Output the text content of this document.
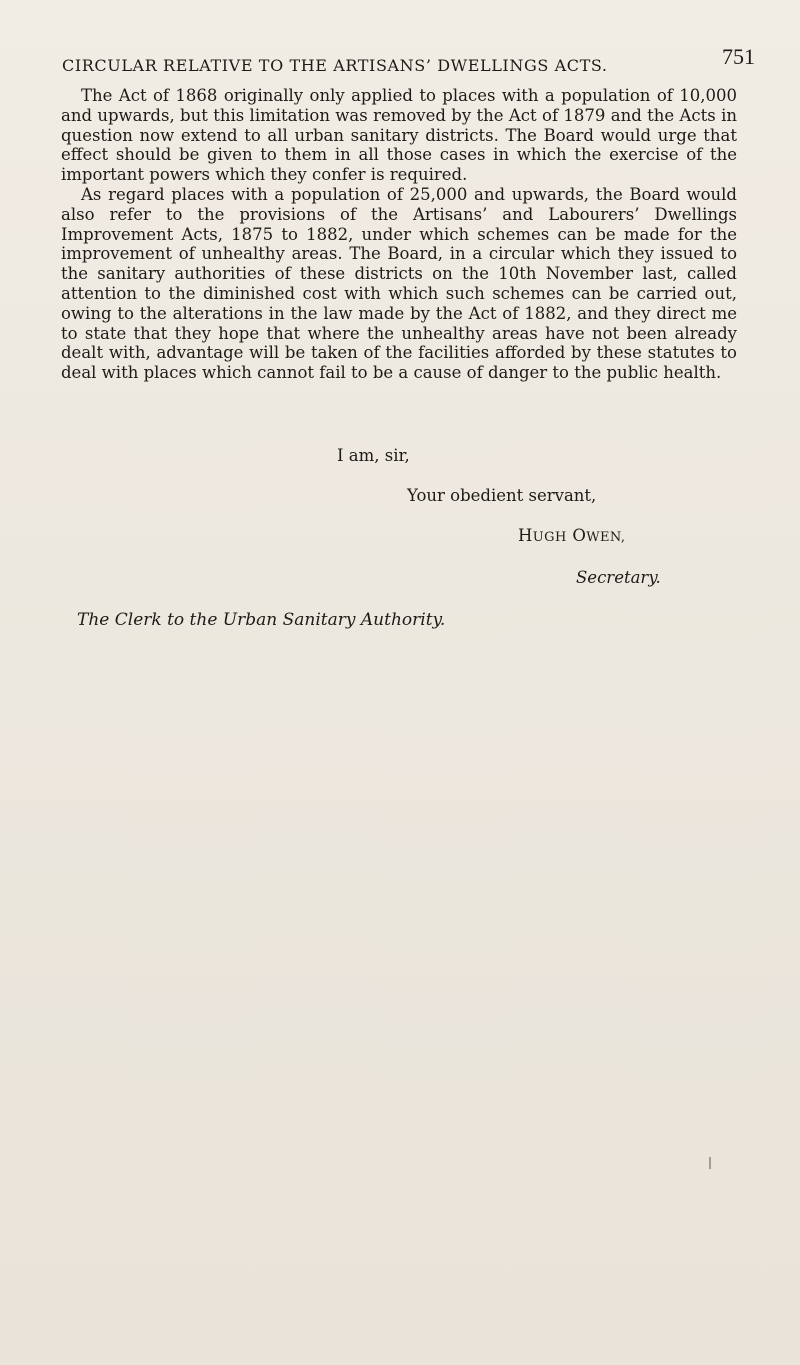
CIRCULAR RELATIVE TO THE ARTISANS’ DWELLINGS ACTS.	751

The Act of 1868 originally only applied to places with a population of 10,000 and upwards, but this limitation was removed by the Act of 1879 and the Acts in question now extend to all urban sanitary districts. The Board would urge that effect should be given to them in all those cases in which the exercise of the important powers which they confer is required.

As regard places with a population of 25,000 and upwards, the Board would also refer to the provisions of the Artisans’ and Labourers’ Dwellings Improvement Acts, 1875 to 1882, under which schemes can be made for the improvement of unhealthy areas. The Board, in a circular which they issued to the sanitary authorities of these districts on the 10th November last, called attention to the diminished cost with which such schemes can be carried out, owing to the alterations in the law made by the Act of 1882, and they direct me to state that they hope that where the unhealthy areas have not been already dealt with, advantage will be taken of the facilities afforded by these statutes to deal with places which cannot fail to be a cause of danger to the public health.

I am, sir,
Your obedient servant,
HUGH OWEN,
Secretary.
The Clerk to the Urban Sanitary Authority.
